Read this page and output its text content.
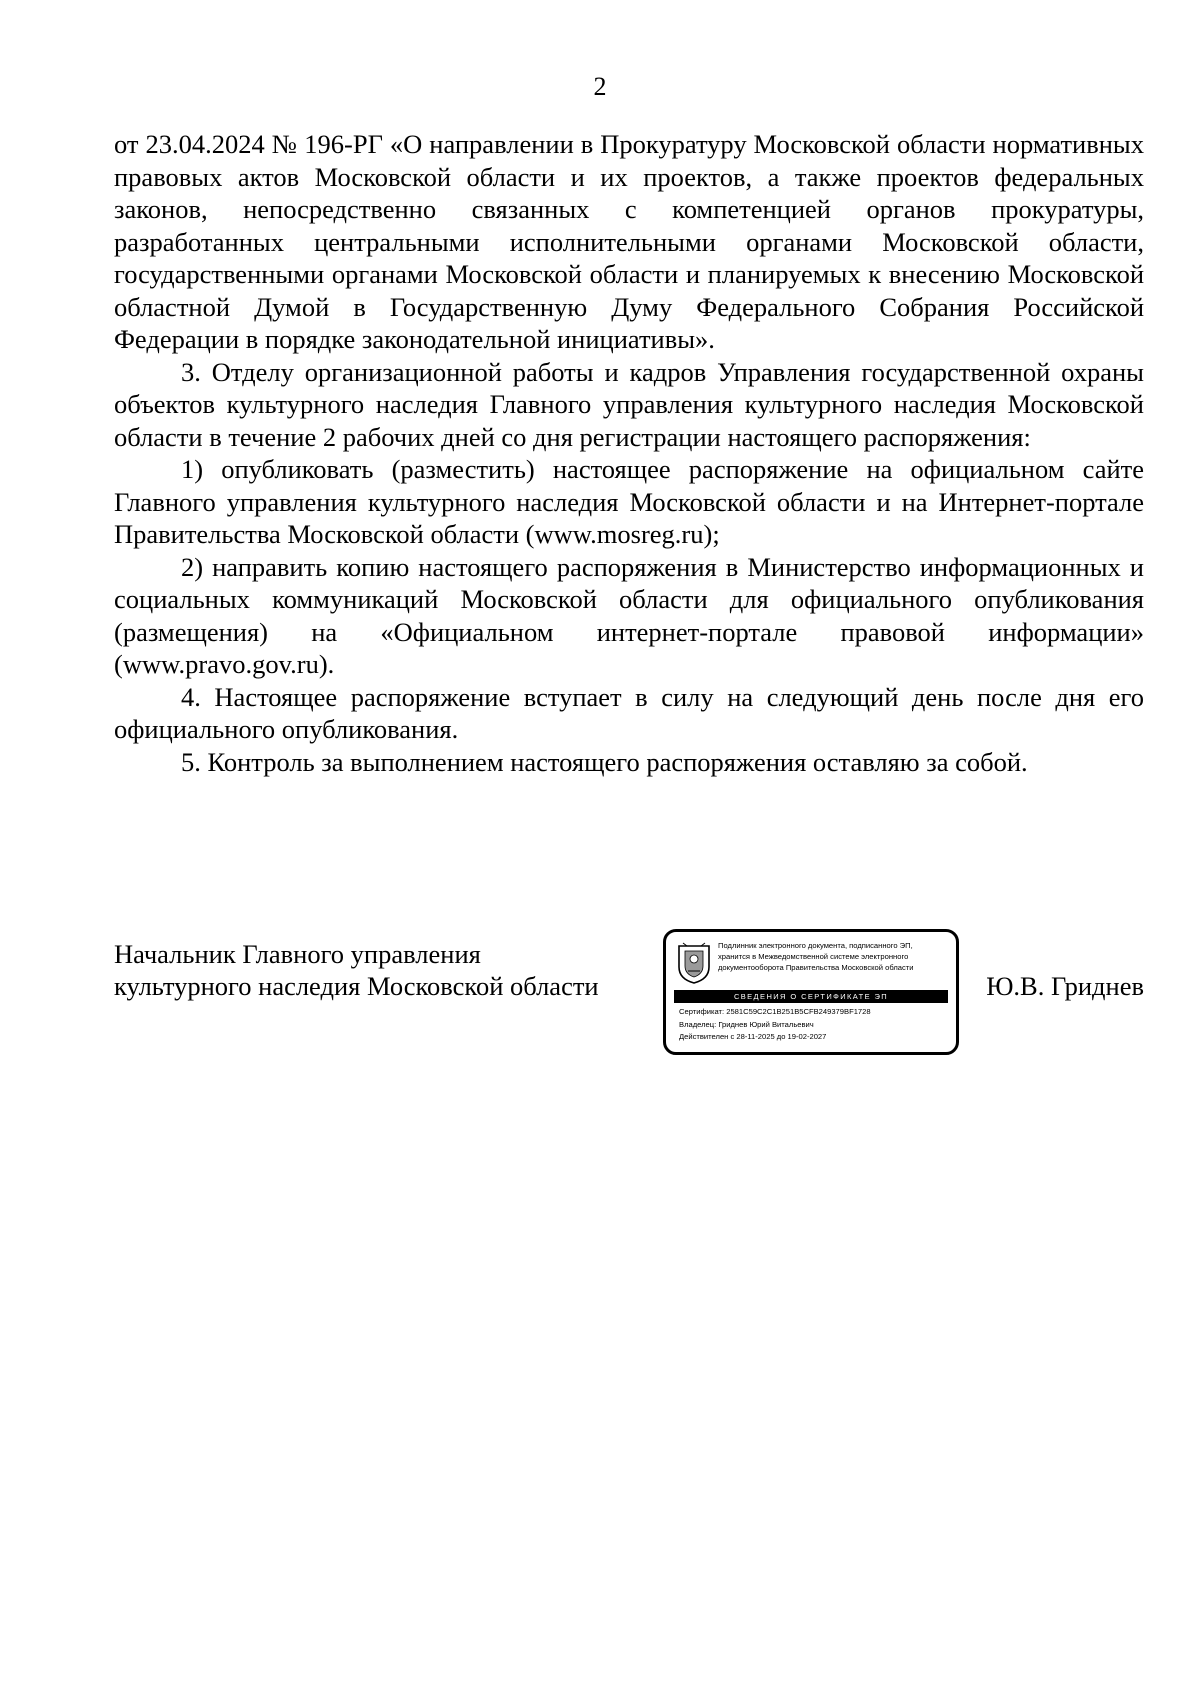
2

от 23.04.2024 № 196-РГ «О направлении в Прокуратуру Московской области нормативных правовых актов Московской области и их проектов, а также проектов федеральных законов, непосредственно связанных с компетенцией органов прокуратуры, разработанных центральными исполнительными органами Московской области, государственными органами Московской области и планируемых к внесению Московской областной Думой в Государственную Думу Федерального Собрания Российской Федерации в порядке законодательной инициативы».

3. Отделу организационной работы и кадров Управления государственной охраны объектов культурного наследия Главного управления культурного наследия Московской области в течение 2 рабочих дней со дня регистрации настоящего распоряжения:

1) опубликовать (разместить) настоящее распоряжение на официальном сайте Главного управления культурного наследия Московской области и на Интернет-портале Правительства Московской области (www.mosreg.ru);

2) направить копию настоящего распоряжения в Министерство информационных и социальных коммуникаций Московской области для официального опубликования (размещения) на «Официальном интернет-портале правовой информации» (www.pravo.gov.ru).

4. Настоящее распоряжение вступает в силу на следующий день после дня его официального опубликования.

5. Контроль за выполнением настоящего распоряжения оставляю за собой.

Начальник Главного управления
культурного наследия Московской области
Подлинник электронного документа, подписанного ЭП,
хранится в Межведомственной системе электронного
документооборота Правительства Московской области
СВЕДЕНИЯ О СЕРТИФИКАТЕ ЭП
Сертификат: 2581C59C2C1B251B5CFB249379BF1728
Владелец: Гриднев Юрий Витальевич
Действителен с 28-11-2025 до 19-02-2027
Ю.В. Гриднев
